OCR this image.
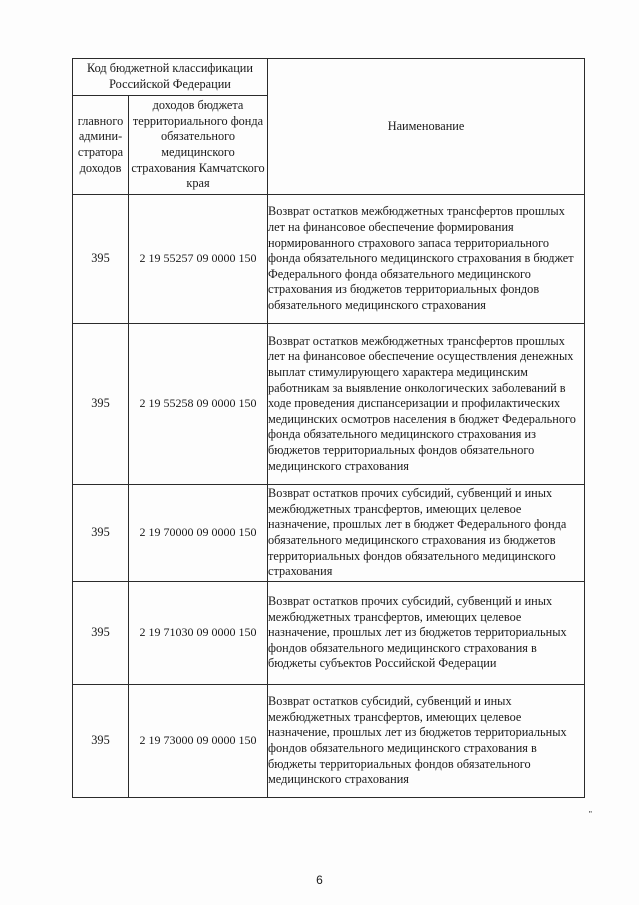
Код бюджетной классификации Российской Федерации		Наименование
главного админи-стратора доходов	доходов бюджета территориального фонда обязательного медицинского страхования Камчатского края	
395	2 19 55257 09 0000 150	Возврат остатков межбюджетных трансфертов прошлых лет на финансовое обеспечение формирования нормированного страхового запаса территориального фонда обязательного медицинского страхования в бюджет Федерального фонда обязательного медицинского страхования из бюджетов территориальных фондов обязательного медицинского страхования
395	2 19 55258 09 0000 150	Возврат остатков межбюджетных трансфертов прошлых лет на финансовое обеспечение осуществления денежных выплат стимулирующего характера медицинским работникам за выявление онкологических заболеваний в ходе проведения диспансеризации и профилактических медицинских осмотров населения в бюджет Федерального фонда обязательного медицинского страхования из бюджетов территориальных фондов обязательного медицинского страхования
395	2 19 70000 09 0000 150	Возврат остатков прочих субсидий, субвенций и иных межбюджетных трансфертов, имеющих целевое назначение, прошлых лет в бюджет Федерального фонда обязательного медицинского страхования из бюджетов территориальных фондов обязательного медицинского страхования
395	2 19 71030 09 0000 150	Возврат остатков прочих субсидий, субвенций и иных межбюджетных трансфертов, имеющих целевое назначение, прошлых лет из бюджетов территориальных фондов обязательного медицинского страхования в бюджеты субъектов Российской Федерации
395	2 19 73000 09 0000 150	Возврат остатков субсидий, субвенций и иных межбюджетных трансфертов, имеющих целевое назначение, прошлых лет из бюджетов территориальных фондов обязательного медицинского страхования в бюджеты территориальных фондов обязательного медицинского страхования
"
6
